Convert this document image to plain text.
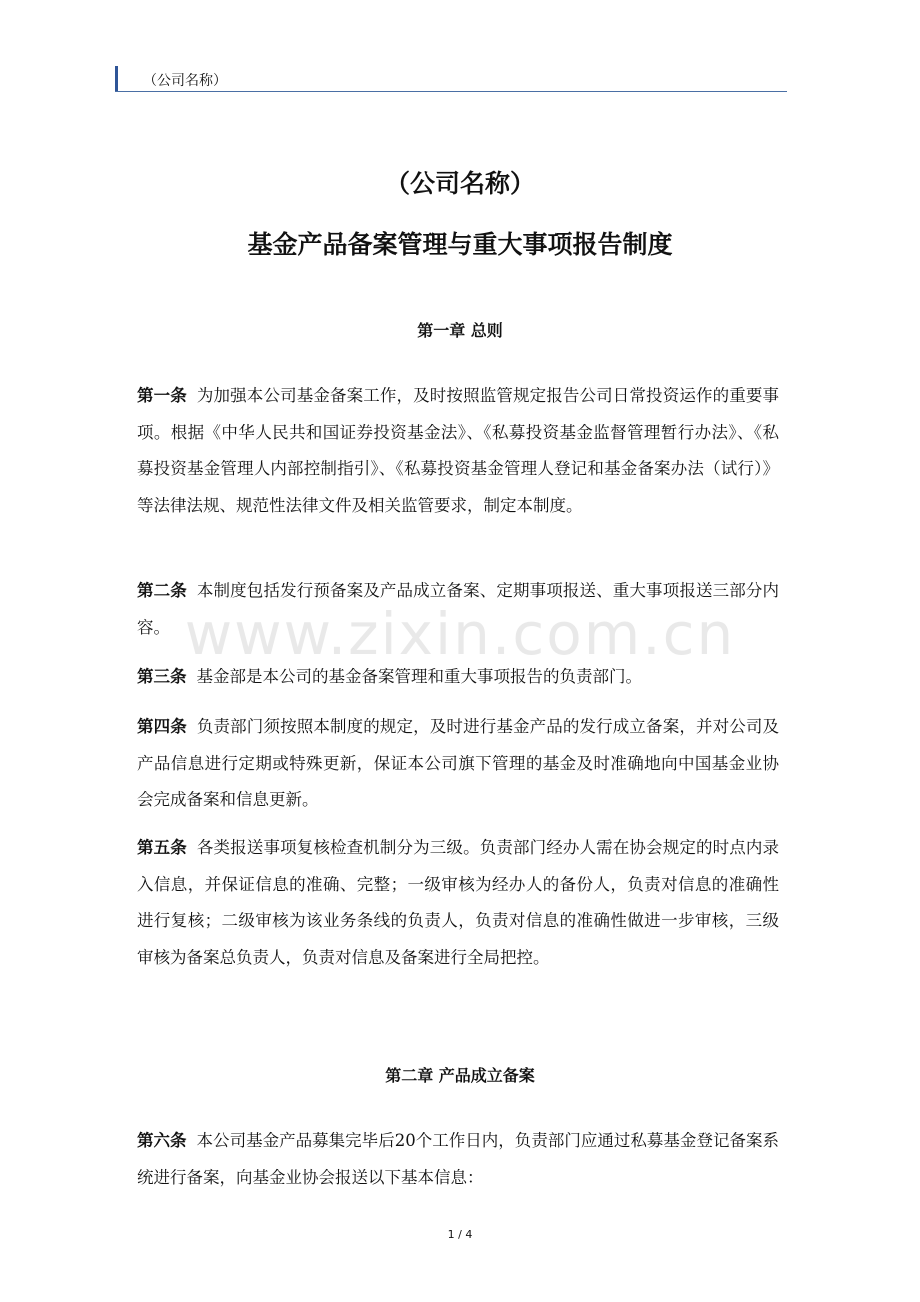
（公司名称）
www.zixin.com.cn
（公司名称）
基金产品备案管理与重大事项报告制度
第一章 总则
第一条 为加强本公司基金备案工作，及时按照监管规定报告公司日常投资运作的重要事项。根据《中华人民共和国证券投资基金法》、《私募投资基金监督管理暂行办法》、《私募投资基金管理人内部控制指引》、《私募投资基金管理人登记和基金备案办法（试行）》等法律法规、规范性法律文件及相关监管要求，制定本制度。
第二条 本制度包括发行预备案及产品成立备案、定期事项报送、重大事项报送三部分内容。
第三条 基金部是本公司的基金备案管理和重大事项报告的负责部门。
第四条 负责部门须按照本制度的规定，及时进行基金产品的发行成立备案，并对公司及产品信息进行定期或特殊更新，保证本公司旗下管理的基金及时准确地向中国基金业协会完成备案和信息更新。
第五条 各类报送事项复核检查机制分为三级。负责部门经办人需在协会规定的时点内录入信息，并保证信息的准确、完整；一级审核为经办人的备份人，负责对信息的准确性进行复核；二级审核为该业务条线的负责人，负责对信息的准确性做进一步审核，三级审核为备案总负责人，负责对信息及备案进行全局把控。
第二章 产品成立备案
第六条 本公司基金产品募集完毕后20个工作日内，负责部门应通过私募基金登记备案系统进行备案，向基金业协会报送以下基本信息：
1 / 4
